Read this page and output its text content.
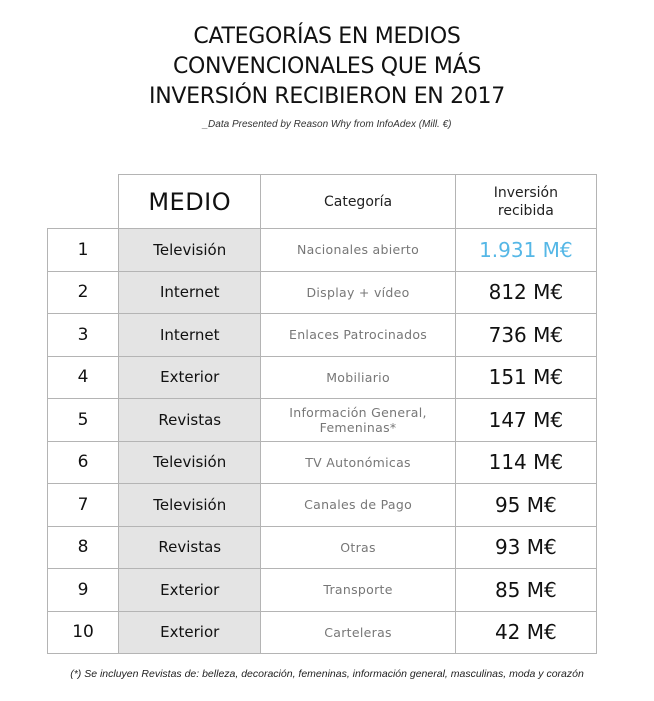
CATEGORÍAS EN MEDIOS
CONVENCIONALES QUE MÁS
INVERSIÓN RECIBIERON EN 2017
_Data Presented by Reason Why from InfoAdex (Mill. €)
	MEDIO	Categoría	Inversión
recibida

1	Televisión	Nacionales abierto	1.931 M€
2	Internet	Display + vídeo	812 M€
3	Internet	Enlaces Patrocinados	736 M€
4	Exterior	Mobiliario	151 M€
5	Revistas	Información General,
Femeninas*	147 M€
6	Televisión	TV Autonómicas	114 M€
7	Televisión	Canales de Pago	95 M€
8	Revistas	Otras	93 M€
9	Exterior	Transporte	85 M€
10	Exterior	Carteleras	42 M€
(*) Se incluyen Revistas de: belleza, decoración, femeninas, información general, masculinas, moda y corazón
